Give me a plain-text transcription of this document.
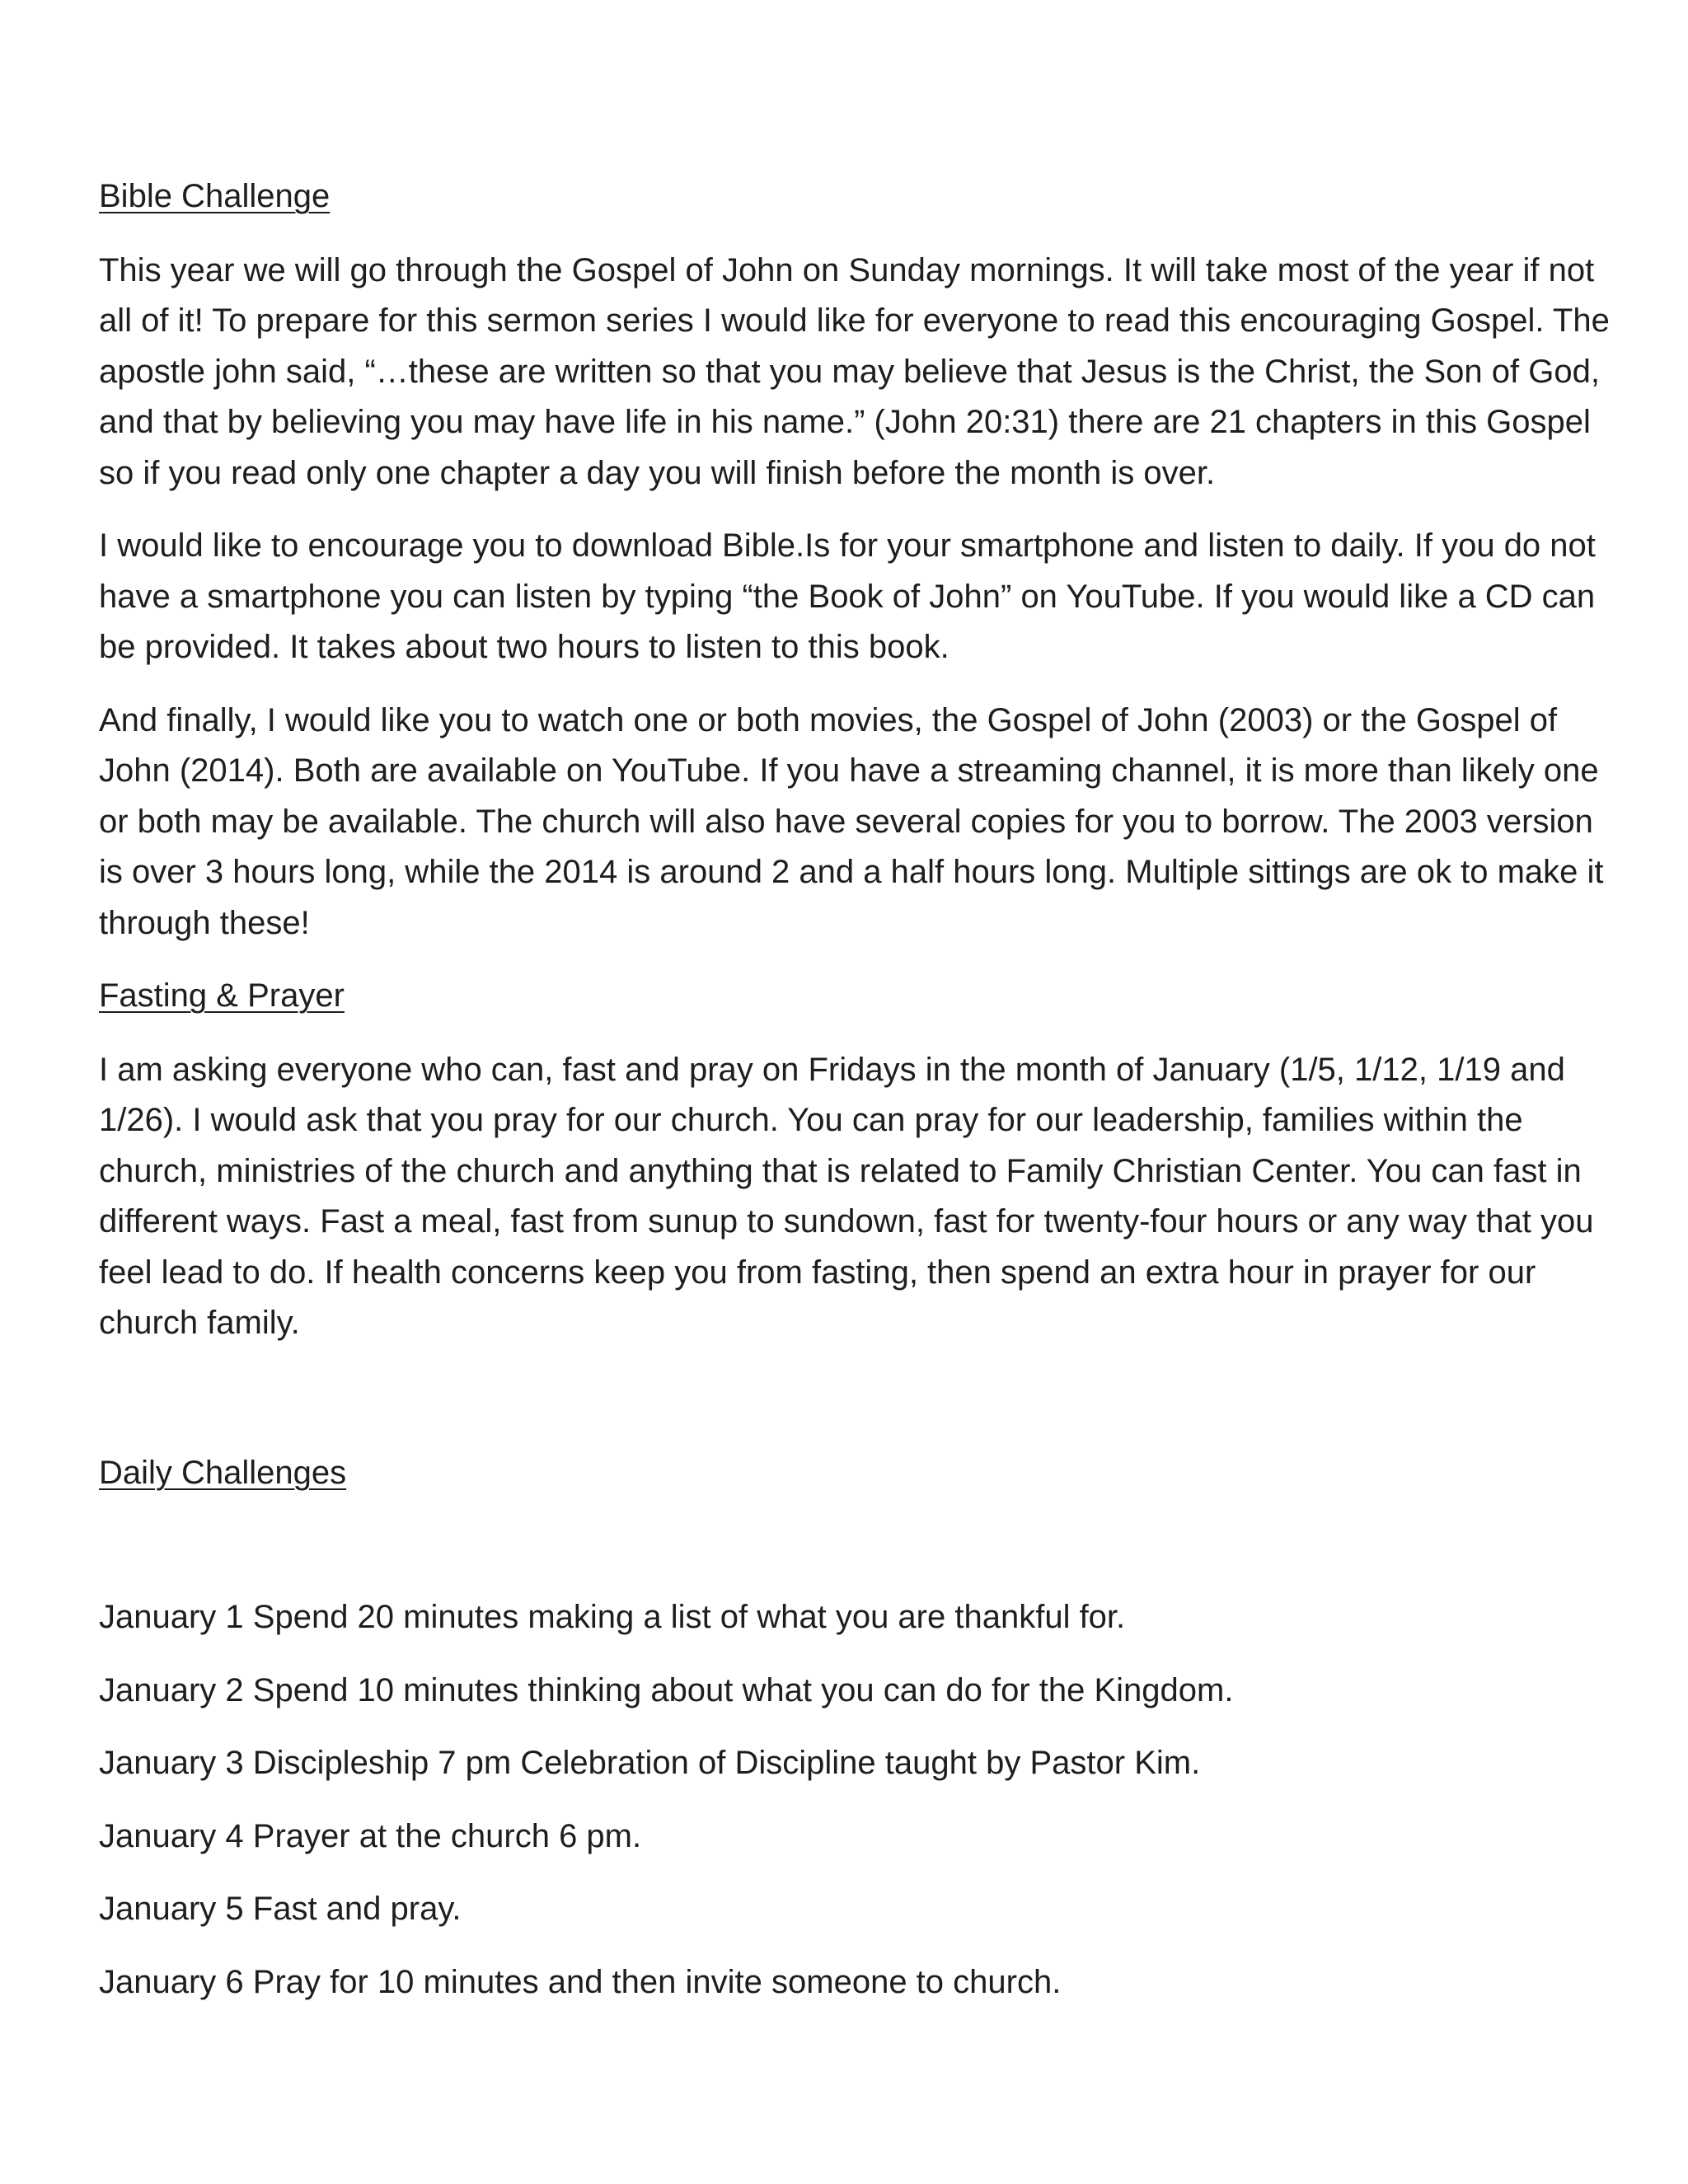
Bible Challenge

This year we will go through the Gospel of John on Sunday mornings. It will take most of the year if not all of it! To prepare for this sermon series I would like for everyone to read this encouraging Gospel. The apostle john said, “…these are written so that you may believe that Jesus is the Christ, the Son of God, and that by believing you may have life in his name.” (John 20:31) there are 21 chapters in this Gospel so if you read only one chapter a day you will finish before the month is over.

I would like to encourage you to download Bible.Is for your smartphone and listen to daily. If you do not have a smartphone you can listen by typing “the Book of John” on YouTube. If you would like a CD can be provided. It takes about two hours to listen to this book.

And finally, I would like you to watch one or both movies, the Gospel of John (2003) or the Gospel of John (2014). Both are available on YouTube. If you have a streaming channel, it is more than likely one or both may be available. The church will also have several copies for you to borrow. The 2003 version is over 3 hours long, while the 2014 is around 2 and a half hours long. Multiple sittings are ok to make it through these!

Fasting & Prayer

I am asking everyone who can, fast and pray on Fridays in the month of January (1/5, 1/12, 1/19 and 1/26). I would ask that you pray for our church. You can pray for our leadership, families within the church, ministries of the church and anything that is related to Family Christian Center. You can fast in different ways. Fast a meal, fast from sunup to sundown, fast for twenty-four hours or any way that you feel lead to do. If health concerns keep you from fasting, then spend an extra hour in prayer for our church family.

Daily Challenges

January 1 Spend 20 minutes making a list of what you are thankful for.

January 2 Spend 10 minutes thinking about what you can do for the Kingdom.

January 3 Discipleship 7 pm Celebration of Discipline taught by Pastor Kim.

January 4 Prayer at the church 6 pm.

January 5 Fast and pray.

January 6 Pray for 10 minutes and then invite someone to church.
